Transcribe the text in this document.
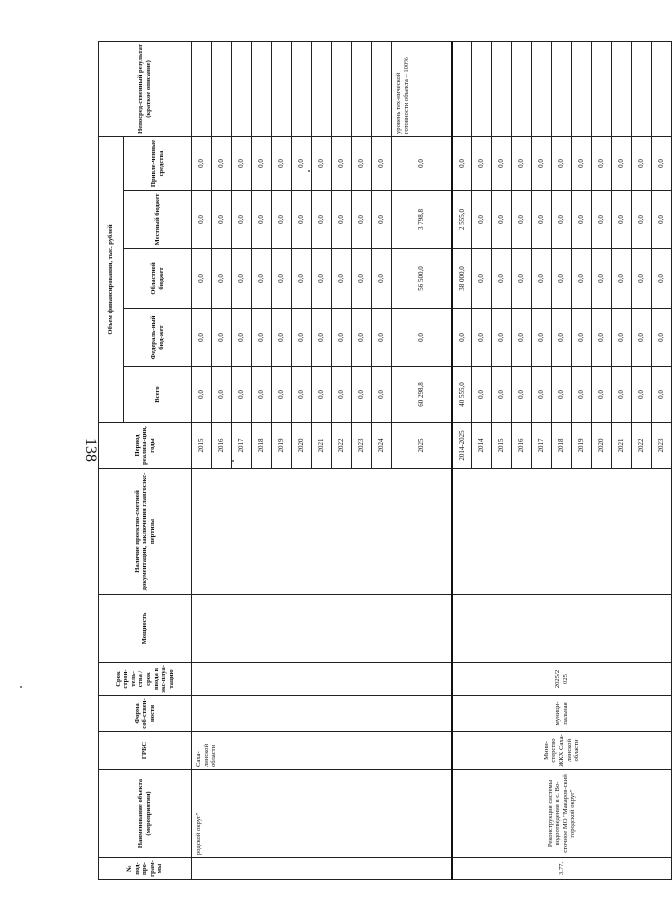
138
№ под-про-грам-мы	Наименование объекта (мероприятия)	ГРБС	Форма соб-ствен-ности	Срок строи-тель-ства / срок ввода в экс-плуа-тацию	Мощность	Наличие проектно-сметной документации, заключения главгосэкс-пертизы	Период реализа-ции, годы	Объем финансирования, тыс. рублей					Непосред-ственный результат (краткое описание)
								Всего	Федераль-ный бюд-жет	Областной бюджет	Местный бюджет	Привле-ченные средства	
	родской округ"	Саха-линской области					2015	0,0	0,0	0,0	0,0	0,0	
							2016	0,0	0,0	0,0	0,0	0,0	
							2017	0,0	0,0	0,0	0,0	0,0	
							2018	0,0	0,0	0,0	0,0	0,0	
							2019	0,0	0,0	0,0	0,0	0,0	
							2020	0,0	0,0	0,0	0,0	0,0	
							2021	0,0	0,0	0,0	0,0	0,0	
							2022	0,0	0,0	0,0	0,0	0,0	
							2023	0,0	0,0	0,0	0,0	0,0	
							2024	0,0	0,0	0,0	0,0	0,0	
							2025	60 298,8	0,0	56 500,0	3 798,8	0,0	уровень тех-нической готовности объекта – 100%
3.77.	Реконструкция системы водоотведения в с. Во-сточное МО "Макаров-ский городской округ"	Мини-стерство ЖКХ Саха-линской области	муници-пальная	2025/2 025			2014-2025	40 555,0	0,0	38 000,0	2 555,0	0,0	
							2014	0,0	0,0	0,0	0,0	0,0	
							2015	0,0	0,0	0,0	0,0	0,0	
							2016	0,0	0,0	0,0	0,0	0,0	
							2017	0,0	0,0	0,0	0,0	0,0	
							2018	0,0	0,0	0,0	0,0	0,0	
							2019	0,0	0,0	0,0	0,0	0,0	
							2020	0,0	0,0	0,0	0,0	0,0	
							2021	0,0	0,0	0,0	0,0	0,0	
							2022	0,0	0,0	0,0	0,0	0,0	
							2023	0,0	0,0	0,0	0,0	0,0	
